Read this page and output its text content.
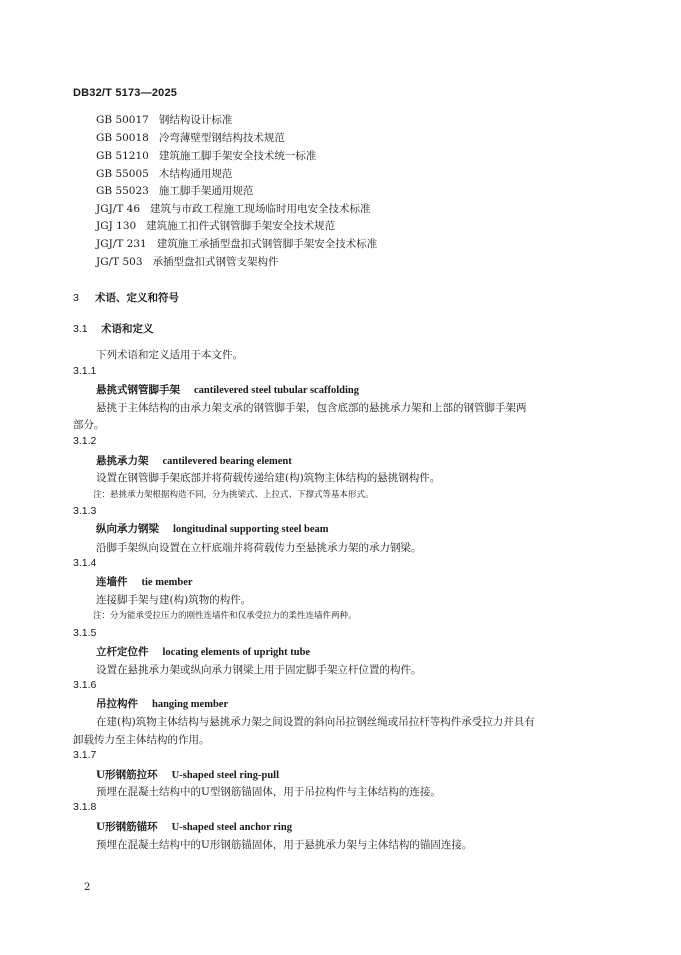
DB32/T 5173—2025
GB 50017 钢结构设计标准
GB 50018 冷弯薄壁型钢结构技术规范
GB 51210 建筑施工脚手架安全技术统一标准
GB 55005 木结构通用规范
GB 55023 施工脚手架通用规范
JGJ/T 46 建筑与市政工程施工现场临时用电安全技术标准
JGJ 130 建筑施工扣件式钢管脚手架安全技术规范
JGJ/T 231 建筑施工承插型盘扣式钢管脚手架安全技术标准
JG/T 503 承插型盘扣式钢管支架构件
3 术语、定义和符号
3.1 术语和定义
下列术语和定义适用于本文件。
3.1.1
悬挑式钢管脚手架 cantilevered steel tubular scaffolding
悬挑于主体结构的由承力架支承的钢管脚手架，包含底部的悬挑承力架和上部的钢管脚手架两
部分。
3.1.2
悬挑承力架 cantilevered bearing element
设置在钢管脚手架底部并将荷载传递给建(构)筑物主体结构的悬挑钢构件。
注：悬挑承力架根据构造不同，分为挑梁式、上拉式、下撑式等基本形式。
3.1.3
纵向承力钢梁 longitudinal supporting steel beam
沿脚手架纵向设置在立杆底端并将荷载传力至悬挑承力架的承力钢梁。
3.1.4
连墙件 tie member
连接脚手架与建(构)筑物的构件。
注：分为能承受拉压力的刚性连墙件和仅承受拉力的柔性连墙件两种。
3.1.5
立杆定位件 locating elements of upright tube
设置在悬挑承力架或纵向承力钢梁上用于固定脚手架立杆位置的构件。
3.1.6
吊拉构件 hanging member
在建(构)筑物主体结构与悬挑承力架之间设置的斜向吊拉钢丝绳或吊拉杆等构件承受拉力并具有
卸载传力至主体结构的作用。
3.1.7
U形钢筋拉环 U-shaped steel ring-pull
预埋在混凝土结构中的U型钢筋锚固体，用于吊拉构件与主体结构的连接。
3.1.8
U形钢筋锚环 U-shaped steel anchor ring
预埋在混凝土结构中的U形钢筋锚固体，用于悬挑承力架与主体结构的锚固连接。
2
